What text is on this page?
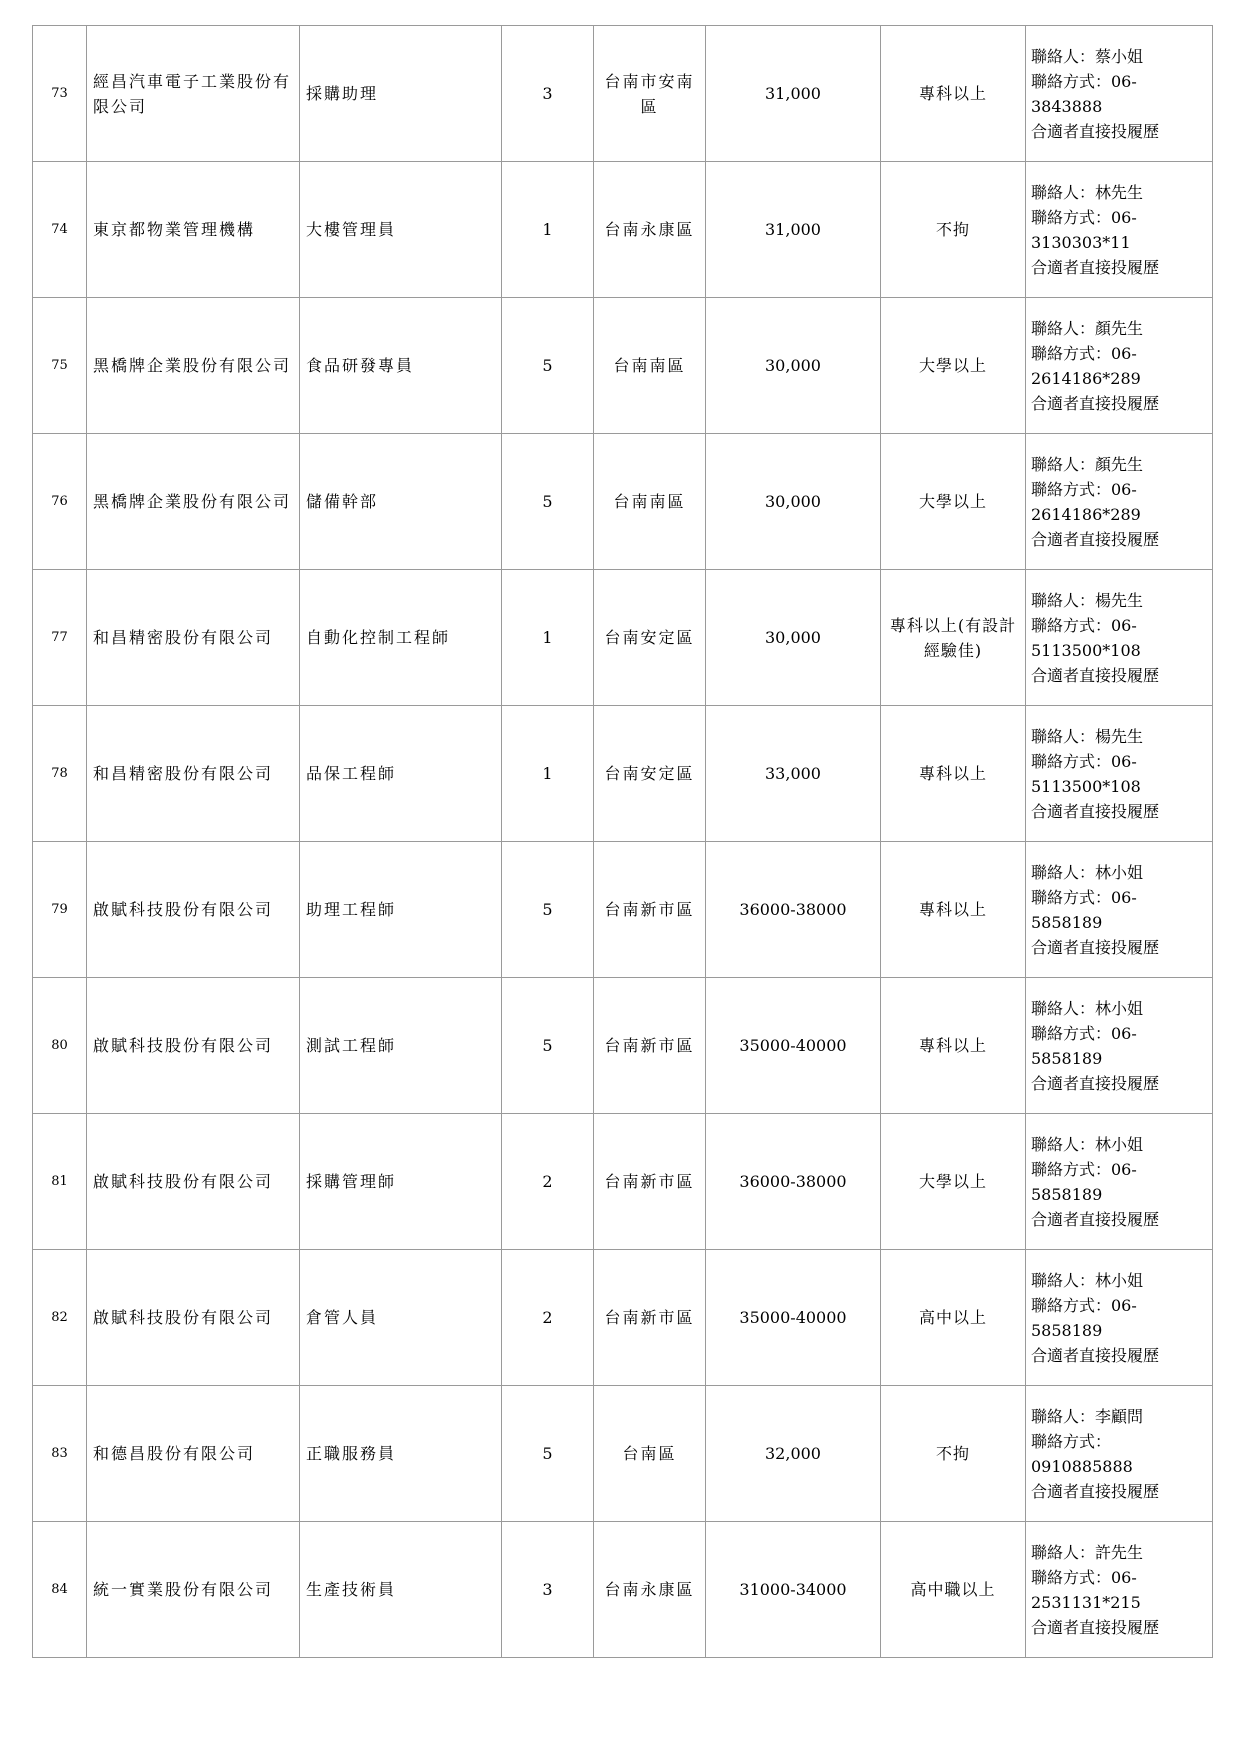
73	經昌汽車電子工業股份有限公司	採購助理	3	台南市安南區	31,000	專科以上	聯絡人：蔡小姐
聯絡方式：06-
3843888
合適者直接投履歷

74	東京都物業管理機構	大樓管理員	1	台南永康區	31,000	不拘	聯絡人：林先生
聯絡方式：06-
3130303*11
合適者直接投履歷

75	黑橋牌企業股份有限公司	食品研發專員	5	台南南區	30,000	大學以上	聯絡人：顏先生
聯絡方式：06-
2614186*289
合適者直接投履歷

76	黑橋牌企業股份有限公司	儲備幹部	5	台南南區	30,000	大學以上	聯絡人：顏先生
聯絡方式：06-
2614186*289
合適者直接投履歷

77	和昌精密股份有限公司	自動化控制工程師	1	台南安定區	30,000	專科以上(有設計經驗佳)	聯絡人：楊先生
聯絡方式：06-
5113500*108
合適者直接投履歷

78	和昌精密股份有限公司	品保工程師	1	台南安定區	33,000	專科以上	聯絡人：楊先生
聯絡方式：06-
5113500*108
合適者直接投履歷

79	啟賦科技股份有限公司	助理工程師	5	台南新市區	36000-38000	專科以上	聯絡人：林小姐
聯絡方式：06-
5858189
合適者直接投履歷

80	啟賦科技股份有限公司	測試工程師	5	台南新市區	35000-40000	專科以上	聯絡人：林小姐
聯絡方式：06-
5858189
合適者直接投履歷

81	啟賦科技股份有限公司	採購管理師	2	台南新市區	36000-38000	大學以上	聯絡人：林小姐
聯絡方式：06-
5858189
合適者直接投履歷

82	啟賦科技股份有限公司	倉管人員	2	台南新市區	35000-40000	高中以上	聯絡人：林小姐
聯絡方式：06-
5858189
合適者直接投履歷

83	和德昌股份有限公司	正職服務員	5	台南區	32,000	不拘	聯絡人：李顧問
聯絡方式：
0910885888
合適者直接投履歷

84	統一實業股份有限公司	生產技術員	3	台南永康區	31000-34000	高中職以上	聯絡人：許先生
聯絡方式：06-
2531131*215
合適者直接投履歷
